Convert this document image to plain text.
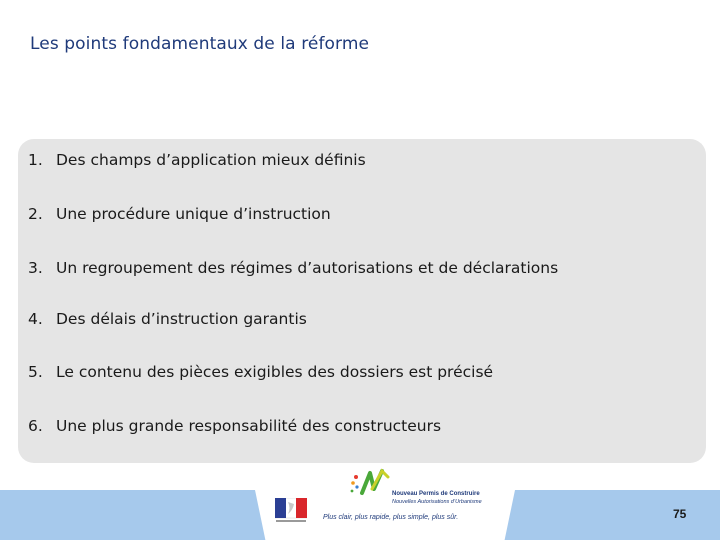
Les points fondamentaux de la réforme
1. Des champs d’application mieux définis
2. Une procédure unique d’instruction
3. Un regroupement des régimes d’autorisations et de déclarations
4. Des délais d’instruction garantis
5. Le contenu des pièces exigibles des dossiers est précisé
6. Une plus grande responsabilité des constructeurs
Nouveau Permis de Construire
Nouvelles Autorisations d’Urbanisme
Plus clair, plus rapide, plus simple, plus sûr.	75
